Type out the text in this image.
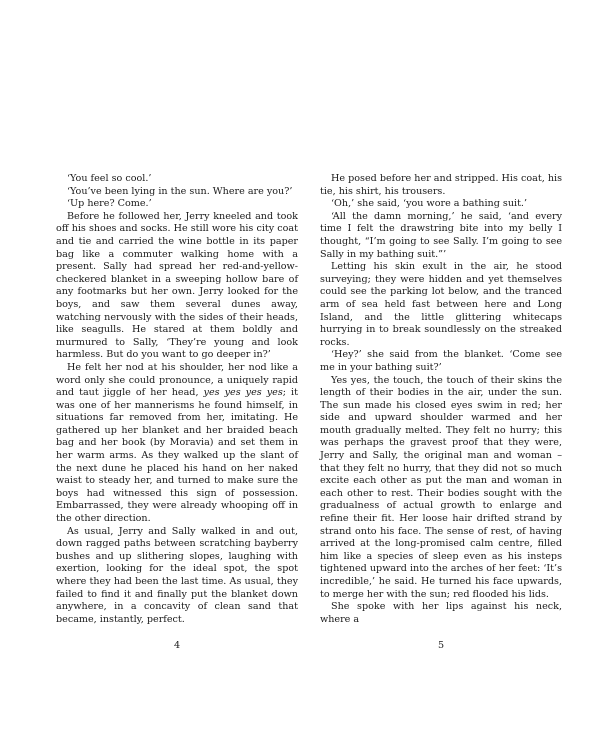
‘You feel so cool.’

‘You’ve been lying in the sun. Where are you?’

‘Up here? Come.’

Before he followed her, Jerry kneeled and took off his shoes and socks. He still wore his city coat and tie and carried the wine bottle in its paper bag like a commuter walking home with a present. Sally had spread her red-and-yellow-checkered blanket in a sweeping hollow bare of any footmarks but her own. Jerry looked for the boys, and saw them several dunes away, watching nervously with the sides of their heads, like seagulls. He stared at them boldly and murmured to Sally, ‘They’re young and look harmless. But do you want to go deeper in?’

He felt her nod at his shoulder, her nod like a word only she could pronounce, a uniquely rapid and taut jiggle of her head, yes yes yes yes; it was one of her mannerisms he found himself, in situations far removed from her, imitating. He gathered up her blanket and her braided beach bag and her book (by Moravia) and set them in her warm arms. As they walked up the slant of the next dune he placed his hand on her naked waist to steady her, and turned to make sure the boys had witnessed this sign of possession. Embarrassed, they were already whooping off in the other direction.

As usual, Jerry and Sally walked in and out, down ragged paths between scratching bayberry bushes and up slithering slopes, laughing with exertion, looking for the ideal spot, the spot where they had been the last time. As usual, they failed to find it and finally put the blanket down anywhere, in a concavity of clean sand that became, instantly, perfect.

4

He posed before her and stripped. His coat, his tie, his shirt, his trousers.

‘Oh,’ she said, ‘you wore a bathing suit.’

‘All the damn morning,’ he said, ‘and every time I felt the drawstring bite into my belly I thought, “I’m going to see Sally. I’m going to see Sally in my bathing suit.”’

Letting his skin exult in the air, he stood surveying; they were hidden and yet themselves could see the parking lot below, and the tranced arm of sea held fast between here and Long Island, and the little glittering whitecaps hurrying in to break soundlessly on the streaked rocks.

‘Hey?’ she said from the blanket. ‘Come see me in your bathing suit?’

Yes yes, the touch, the touch of their skins the length of their bodies in the air, under the sun. The sun made his closed eyes swim in red; her side and upward shoulder warmed and her mouth gradually melted. They felt no hurry; this was perhaps the gravest proof that they were, Jerry and Sally, the original man and woman – that they felt no hurry, that they did not so much excite each other as put the man and woman in each other to rest. Their bodies sought with the gradualness of actual growth to enlarge and refine their fit. Her loose hair drifted strand by strand onto his face. The sense of rest, of having arrived at the long-promised calm centre, filled him like a species of sleep even as his insteps tightened upward into the arches of her feet: ‘It’s incredible,’ he said. He turned his face upwards, to merge her with the sun; red flooded his lids.

She spoke with her lips against his neck, where a

5
